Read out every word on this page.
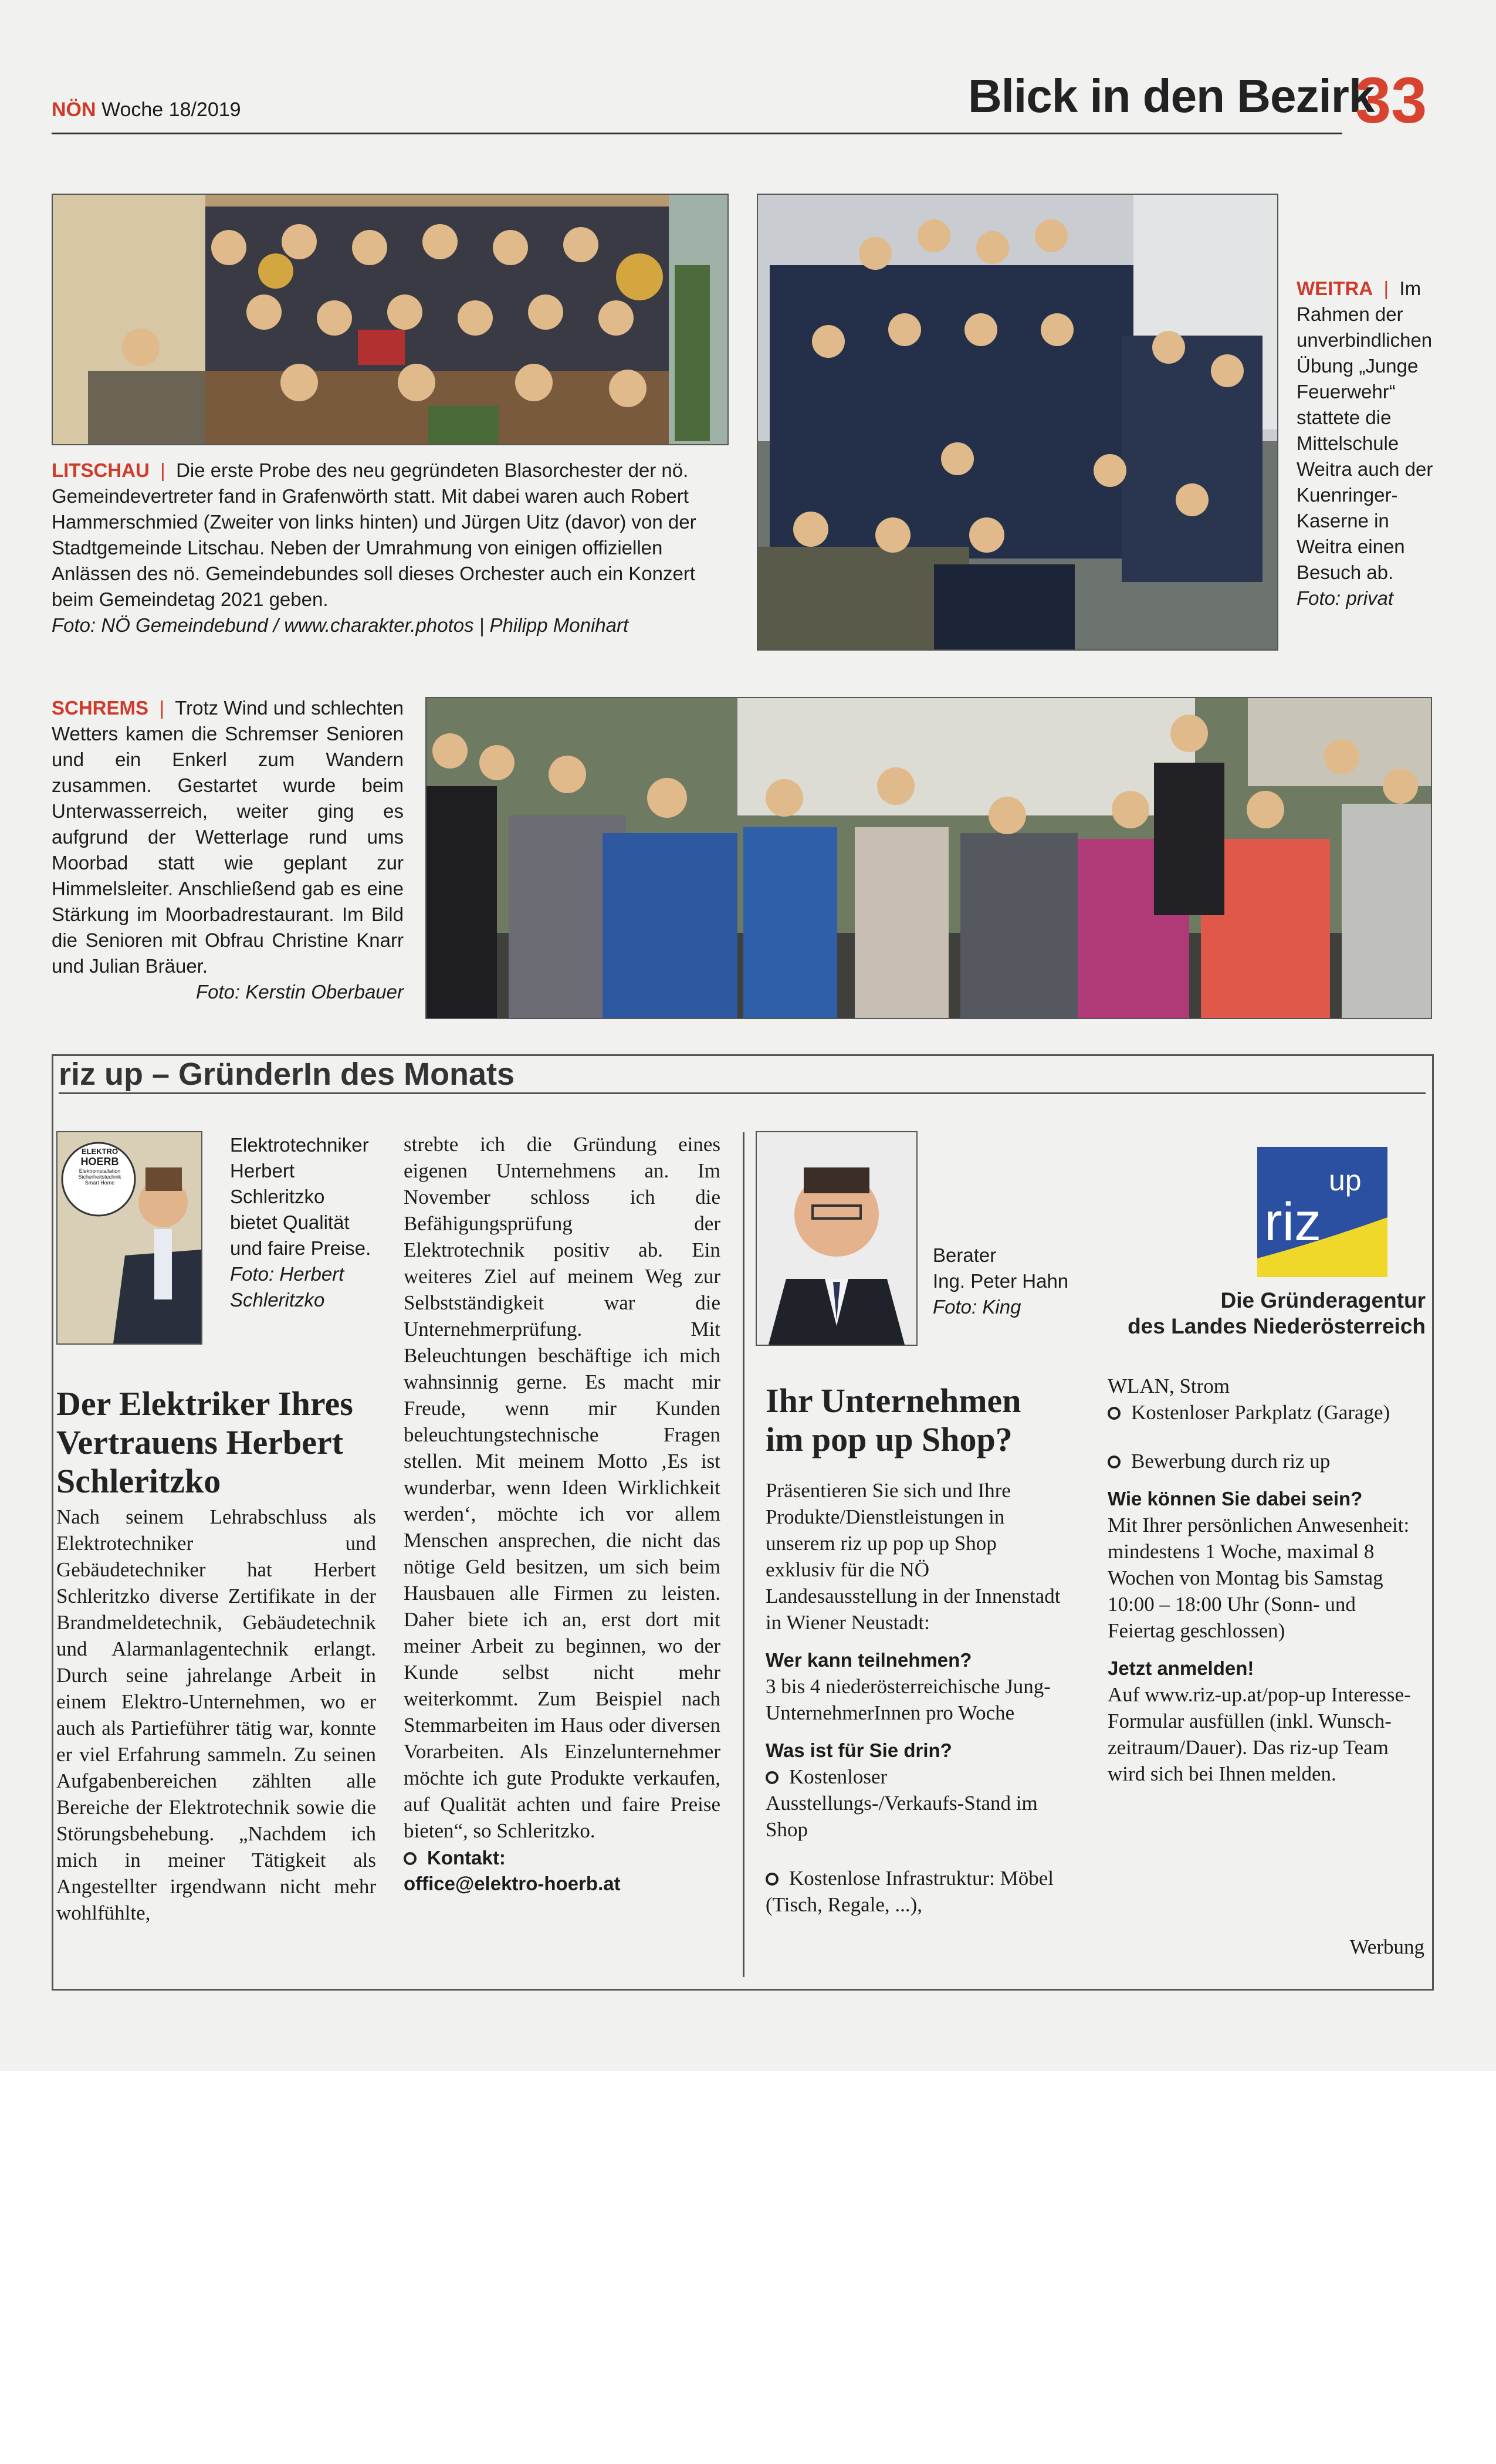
NÖN Woche 18/2019	Blick in den Bezirk
33
LITSCHAU  |  Die erste Probe des neu gegründeten Blasorchester der nö. Gemeindevertreter fand in Grafenwörth statt. Mit dabei waren auch Robert Hammerschmied (Zweiter von links hinten) und Jürgen Uitz (davor) von der Stadtgemeinde Litschau. Neben der Umrahmung von einigen offiziellen Anlässen des nö. Gemeindebundes soll dieses Orchester auch ein Konzert beim Gemeindetag 2021 geben.
Foto: NÖ Gemeindebund / www.charakter.photos | Philipp Monihart
WEITRA  |  Im Rahmen der unverbindlichen Übung „Junge Feuerwehr“ stattete die Mittelschule Weitra auch der Kuenringer-Kaserne in Weitra einen Besuch ab.
Foto: privat
SCHREMS  |  Trotz Wind und schlechten Wetters kamen die Schremser Senioren und ein Enkerl zum Wandern zusammen. Gestartet wurde beim Unterwasserreich, weiter ging es aufgrund der Wetterlage rund ums Moorbad statt wie geplant zur Himmelsleiter. Anschließend gab es eine Stärkung im Moorbadrestaurant. Im Bild die Senioren mit Obfrau Christine Knarr und Julian Bräuer.
Foto: Kerstin Oberbauer
riz up – GründerIn des Monats
ELEKTRO
HOERB
Elektroinstallation
Sicherheitstechnik
Smart Home
Elektrotechniker Herbert Schleritzko bietet Qualität und faire Preise.
Foto: Herbert Schleritzko
Der Elektriker Ihres Vertrauens Herbert Schleritzko

Nach seinem Lehrabschluss als Elektrotechniker und Gebäudetechniker hat Herbert Schleritzko diverse Zertifikate in der Brandmeldetechnik, Gebäudetechnik und Alarmanlagentechnik erlangt. Durch seine jahrelange Arbeit in einem Elektro-Unternehmen, wo er auch als Partieführer tätig war, konnte er viel Erfahrung sammeln. Zu seinen Aufgabenbereichen zählten alle Bereiche der Elektrotechnik sowie die Störungsbehebung. „Nachdem ich mich in meiner Tätigkeit als Angestellter irgendwann nicht mehr wohlfühlte,

strebte ich die Gründung eines eigenen Unternehmens an. Im November schloss ich die Befähigungsprüfung der Elektrotechnik positiv ab. Ein weiteres Ziel auf meinem Weg zur Selbstständigkeit war die Unternehmerprüfung. Mit Beleuchtungen beschäftige ich mich wahnsinnig gerne. Es macht mir Freude, wenn mir Kunden beleuchtungstechnische Fragen stellen. Mit meinem Motto ‚Es ist wunderbar, wenn Ideen Wirklichkeit werden‘, möchte ich vor allem Menschen ansprechen, die nicht das nötige Geld besitzen, um sich beim Hausbauen alle Firmen zu leisten. Daher biete ich an, erst dort mit meiner Arbeit zu beginnen, wo der Kunde selbst nicht mehr weiterkommt. Zum Beispiel nach Stemmarbeiten im Haus oder diversen Vorarbeiten. Als Einzelunternehmer möchte ich gute Produkte verkaufen, auf Qualität achten und faire Preise bieten“, so Schleritzko.

Kontakt:
office@elektro-hoerb.at
Berater
Ing. Peter Hahn
Foto: King
up
riz
Die Gründeragentur
des Landes Niederösterreich
Ihr Unternehmen im pop up Shop?

Präsentieren Sie sich und Ihre Produkte/Dienstleistungen in unserem riz up pop up Shop exklusiv für die NÖ Landesausstellung in der Innenstadt in Wiener Neustadt:

Wer kann teilnehmen?

3 bis 4 niederösterreichische Jung-UnternehmerInnen pro Woche

Was ist für Sie drin?

Kostenloser Ausstellungs-/Verkaufs-Stand im Shop

Kostenlose Infrastruktur: Möbel (Tisch, Regale, ...),

WLAN, Strom

Kostenloser Parkplatz (Garage)

Bewerbung durch riz up

Wie können Sie dabei sein?

Mit Ihrer persönlichen Anwesenheit: mindestens 1 Woche, maximal 8 Wochen von Montag bis Samstag 10:00 – 18:00 Uhr (Sonn- und Feiertag geschlossen)

Jetzt anmelden!

Auf www.riz-up.at/pop-up Interesse-Formular ausfüllen (inkl. Wunsch-zeitraum/Dauer). Das riz-up Team wird sich bei Ihnen melden.

Werbung
